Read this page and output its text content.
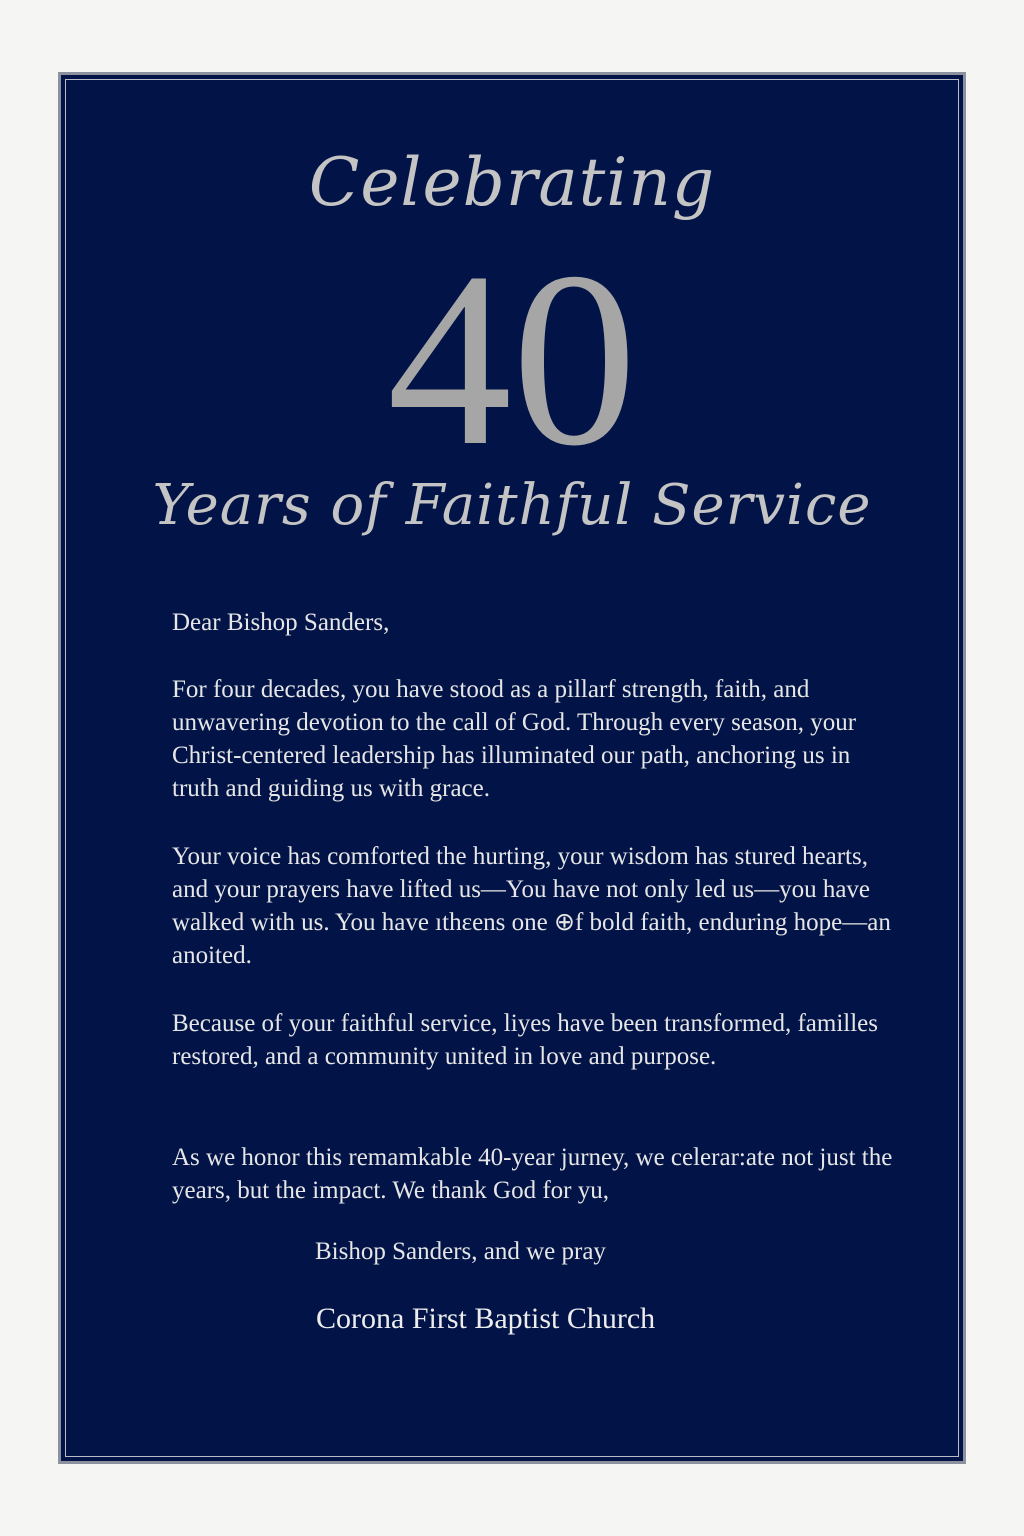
Celebrating
40
Years of Faithful Service

Dear Bishop Sanders,

For four decades, you have stood as a pillarf strength, faith, and unwavering devotion to the call of God. Through every season, your Christ-centered leadership has illuminated our path, anchoring us in truth and guiding us with grace.

Your voice has comforted the hurting, your wisdom has stured hearts, and your prayers have lifted us—You have not only led us—you have walked with us. You have ıthεens one ⊕f bold faith, enduring hope—an anoited.

Because of your faithful service, liyes have been transformed, familles restored, and a community united in love and purpose.

As we honor this remamkable 40-year jurney, we celerar:ate not just the years, but the impact. We thank God for yu,

Bishop Sanders, and we pray

Corona First Baptist Church
